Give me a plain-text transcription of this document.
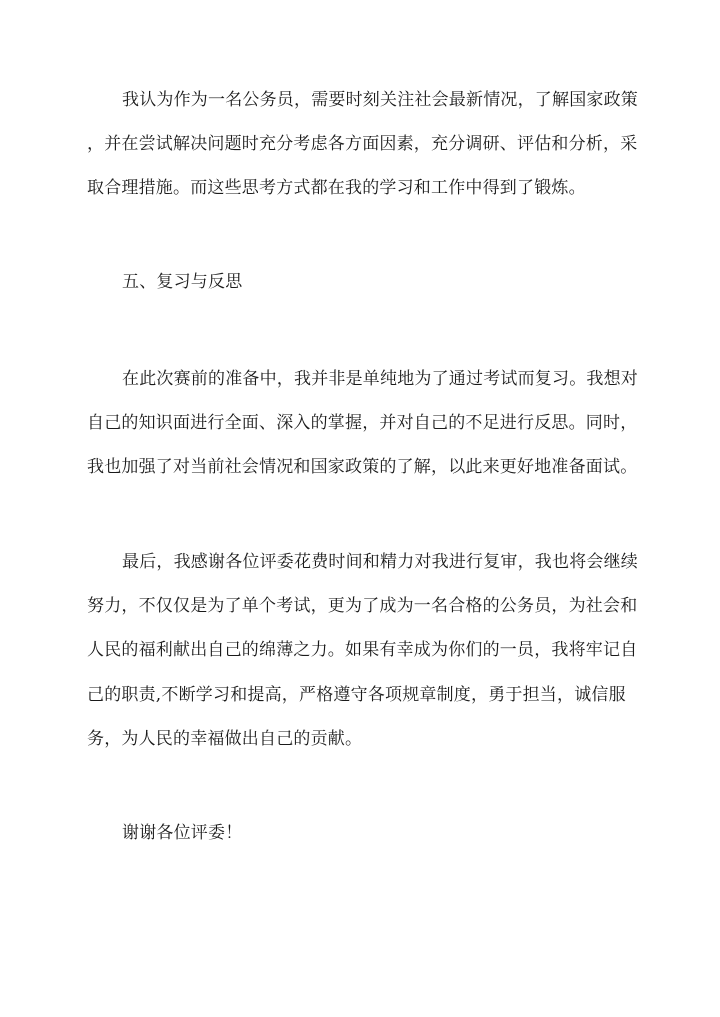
我认为作为一名公务员，需要时刻关注社会最新情况，了解国家政策
，并在尝试解决问题时充分考虑各方面因素，充分调研、评估和分析，采
取合理措施。而这些思考方式都在我的学习和工作中得到了锻炼。
五、复习与反思
在此次赛前的准备中，我并非是单纯地为了通过考试而复习。我想对
自己的知识面进行全面、深入的掌握，并对自己的不足进行反思。同时，
我也加强了对当前社会情况和国家政策的了解，以此来更好地准备面试。
最后，我感谢各位评委花费时间和精力对我进行复审，我也将会继续
努力，不仅仅是为了单个考试，更为了成为一名合格的公务员，为社会和
人民的福利献出自己的绵薄之力。如果有幸成为你们的一员，我将牢记自
己的职责,不断学习和提高，严格遵守各项规章制度，勇于担当，诚信服
务，为人民的幸福做出自己的贡献。
谢谢各位评委！
